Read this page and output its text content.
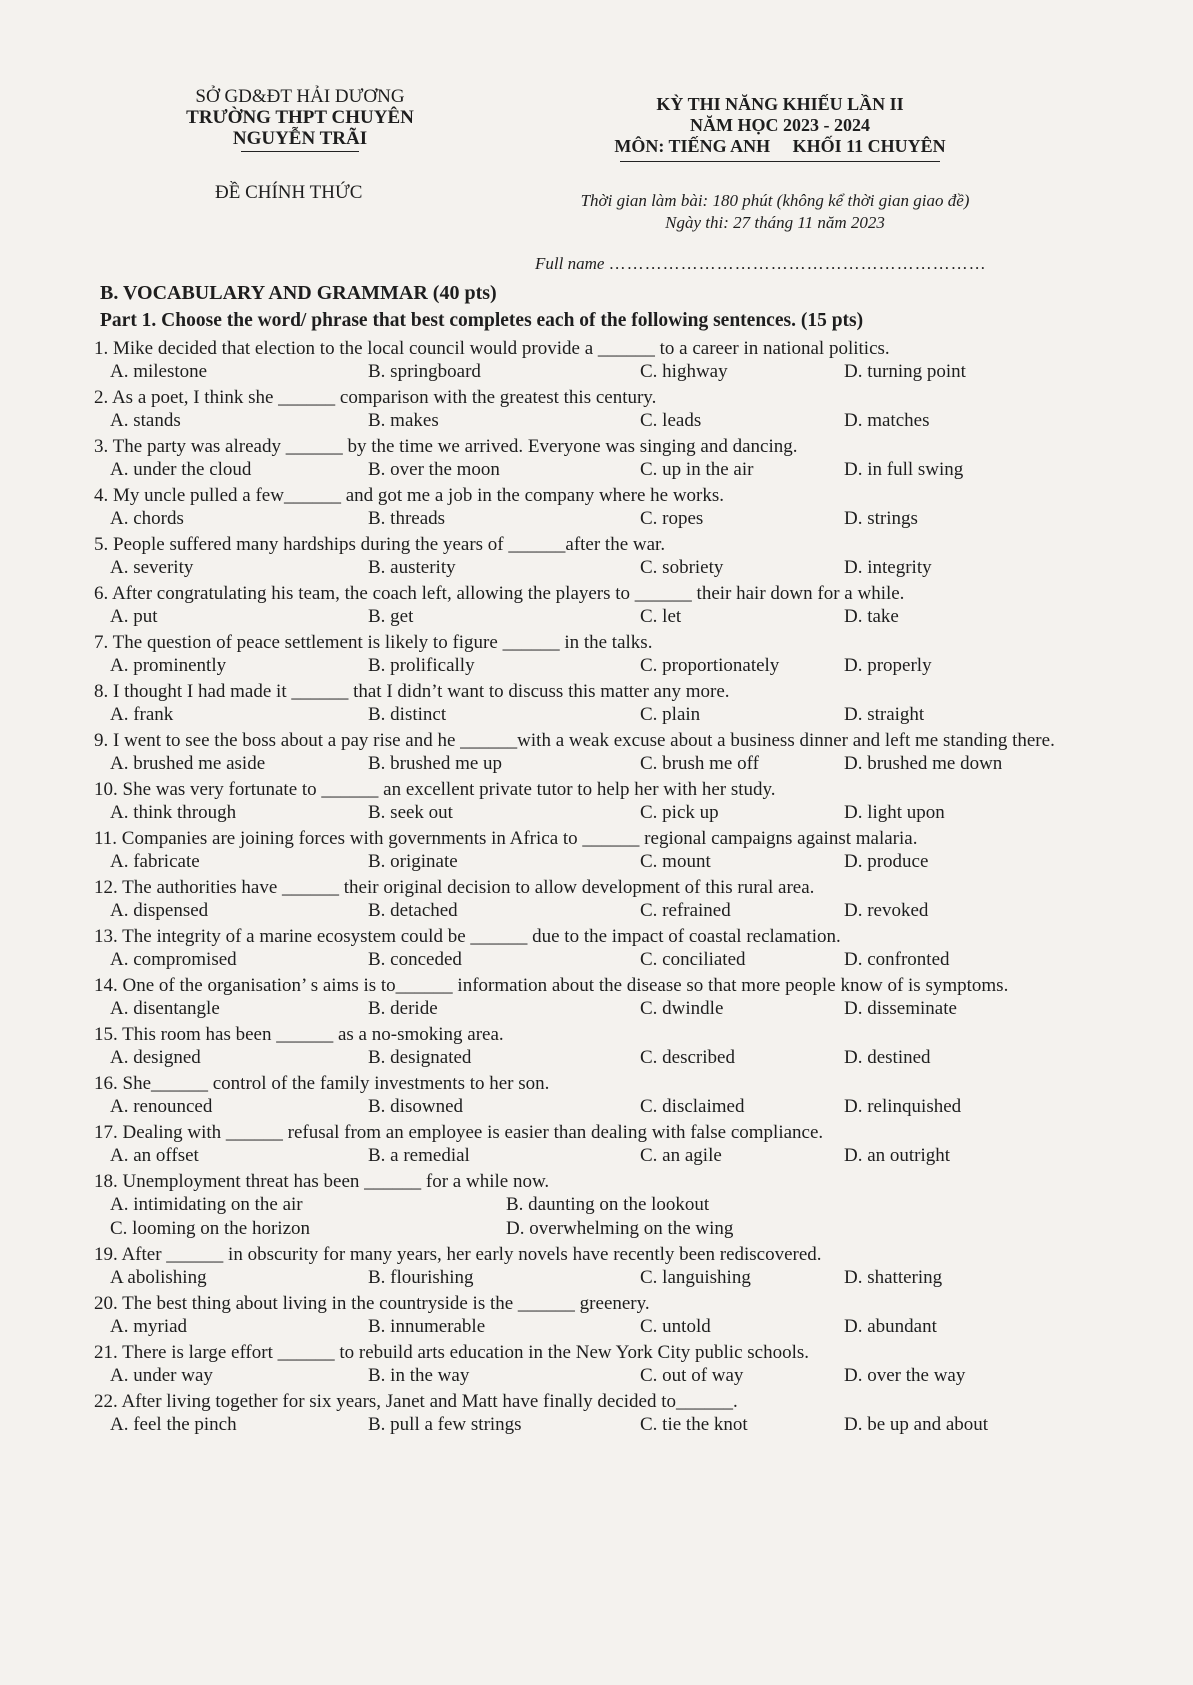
SỞ GD&ĐT HẢI DƯƠNG
TRƯỜNG THPT CHUYÊN
NGUYỄN TRÃI
ĐỀ CHÍNH THỨC
KỲ THI NĂNG KHIẾU LẦN II
NĂM HỌC 2023 - 2024
MÔN: TIẾNG ANH     KHỐI 11 CHUYÊN
Thời gian làm bài: 180 phút (không kể thời gian giao đề)
Ngày thi: 27 tháng 11 năm 2023
Full name ………………………………………………………
B. VOCABULARY AND GRAMMAR (40 pts)
Part 1. Choose the word/ phrase that best completes each of the following sentences. (15 pts)
1. Mike decided that election to the local council would provide a ______ to a career in national politics.
A. milestone	B. springboard	C. highway	D. turning point
2. As a poet, I think she ______ comparison with the greatest this century.
A. stands	B. makes	C. leads	D. matches
3. The party was already ______ by the time we arrived. Everyone was singing and dancing.
A. under the cloud	B. over the moon	C. up in the air	D. in full swing
4. My uncle pulled a few______ and got me a job in the company where he works.
A. chords	B. threads	C. ropes	D. strings
5. People suffered many hardships during the years of ______after the war.
A. severity	B. austerity	C. sobriety	D. integrity
6. After congratulating his team, the coach left, allowing the players to ______ their hair down for a while.
A. put	B. get	C. let	D. take
7. The question of peace settlement is likely to figure ______ in the talks.
A. prominently	B. prolifically	C. proportionately	D. properly
8. I thought I had made it ______ that I didn’t want to discuss this matter any more.
A. frank	B. distinct	C. plain	D. straight
9. I went to see the boss about a pay rise and he ______with a weak excuse about a business dinner and left me standing there.
A. brushed me aside	B. brushed me up	C. brush me off	D. brushed me down
10. She was very fortunate to ______ an excellent private tutor to help her with her study.
A. think through	B. seek out	C. pick up	D. light upon
11. Companies are joining forces with governments in Africa to ______ regional campaigns against malaria.
A. fabricate	B. originate	C. mount	D. produce
12. The authorities have ______ their original decision to allow development of this rural area.
A. dispensed	B. detached	C. refrained	D. revoked
13. The integrity of a marine ecosystem could be ______ due to the impact of coastal reclamation.
A. compromised	B. conceded	C. conciliated	D. confronted
14. One of the organisation’ s aims is to______ information about the disease so that more people know of is symptoms.
A. disentangle	B. deride	C. dwindle	D. disseminate
15. This room has been ______ as a no-smoking area.
A. designed	B. designated	C. described	D. destined
16. She______ control of the family investments to her son.
A. renounced	B. disowned	C. disclaimed	D. relinquished
17. Dealing with ______ refusal from an employee is easier than dealing with false compliance.
A. an offset	B. a remedial	C. an agile	D. an outright
18. Unemployment threat has been ______ for a while now.
A. intimidating on the air	B. daunting on the lookout
C. looming on the horizon	D. overwhelming on the wing
19. After ______ in obscurity for many years, her early novels have recently been rediscovered.
A abolishing	B. flourishing	C. languishing	D. shattering
20. The best thing about living in the countryside is the ______ greenery.
A. myriad	B. innumerable	C. untold	D. abundant
21. There is large effort ______ to rebuild arts education in the New York City public schools.
A. under way	B. in the way	C. out of way	D. over the way
22. After living together for six years, Janet and Matt have finally decided to______.
A. feel the pinch	B. pull a few strings	C. tie the knot	D. be up and about
